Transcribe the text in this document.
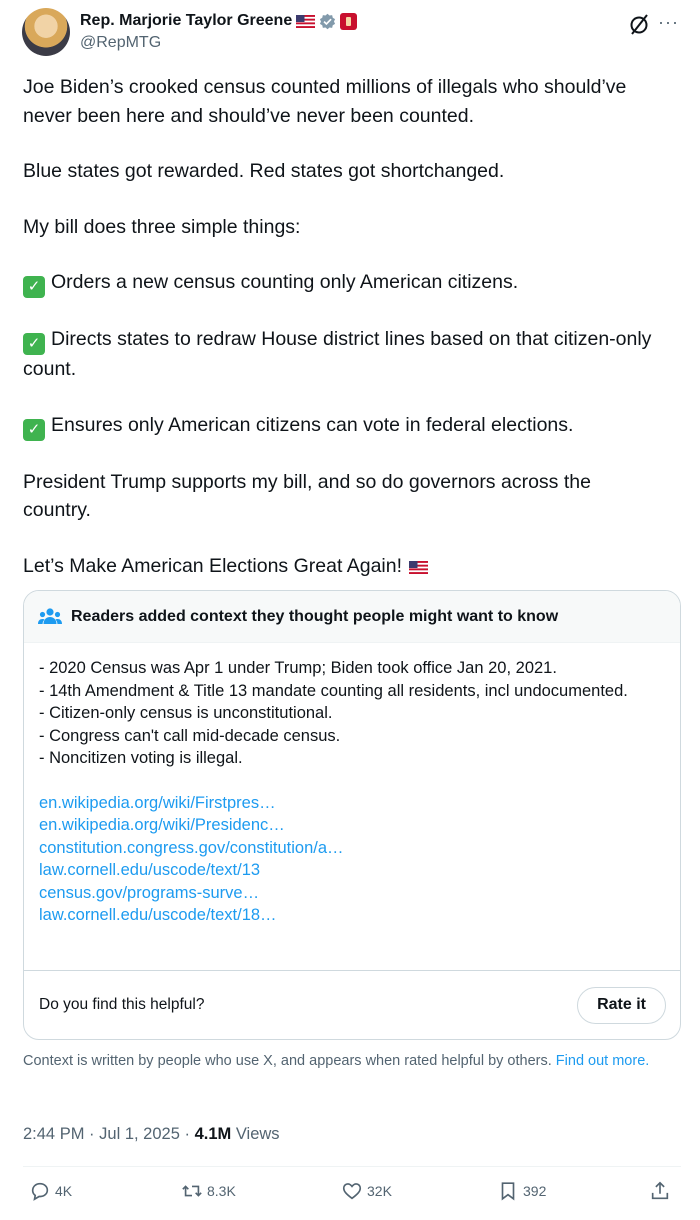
Rep. Marjorie Taylor Greene
@RepMTG
···

Joe Biden’s crooked census counted millions of illegals who should’ve never been here and should’ve never been counted.

Blue states got rewarded. Red states got shortchanged.

My bill does three simple things:

✓ Orders a new census counting only American citizens.

✓ Directs states to redraw House district lines based on that citizen-only count.

✓ Ensures only American citizens can vote in federal elections.

President Trump supports my bill, and so do governors across the country.

Let’s Make American Elections Great Again!

Readers added context they thought people might want to know
- 2020 Census was Apr 1 under Trump; Biden took office Jan 20, 2021.
- 14th Amendment & Title 13 mandate counting all residents, incl undocumented.
- Citizen-only census is unconstitutional.
- Congress can't call mid-decade census.
- Noncitizen voting is illegal.
en.wikipedia.org/wiki/Firstpres…
en.wikipedia.org/wiki/Presidenc…
constitution.congress.gov/constitution/a…
law.cornell.edu/uscode/text/13
census.gov/programs-surve…
law.cornell.edu/uscode/text/18…
Do you find this helpful?	Rate it
Context is written by people who use X, and appears when rated helpful by others. Find out more.
2:44 PM · Jul 1, 2025 · 4.1M Views
4K	8.3K	32K	392
